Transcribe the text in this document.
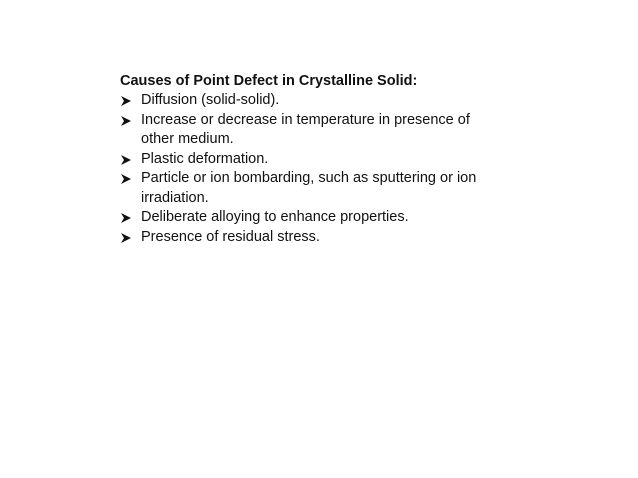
Causes of Point Defect in Crystalline Solid:

Diffusion (solid-solid).
Increase or decrease in temperature in presence of other medium.
Plastic deformation.
Particle or ion bombarding, such as sputtering or ion irradiation.
Deliberate alloying to enhance properties.
Presence of residual stress.
